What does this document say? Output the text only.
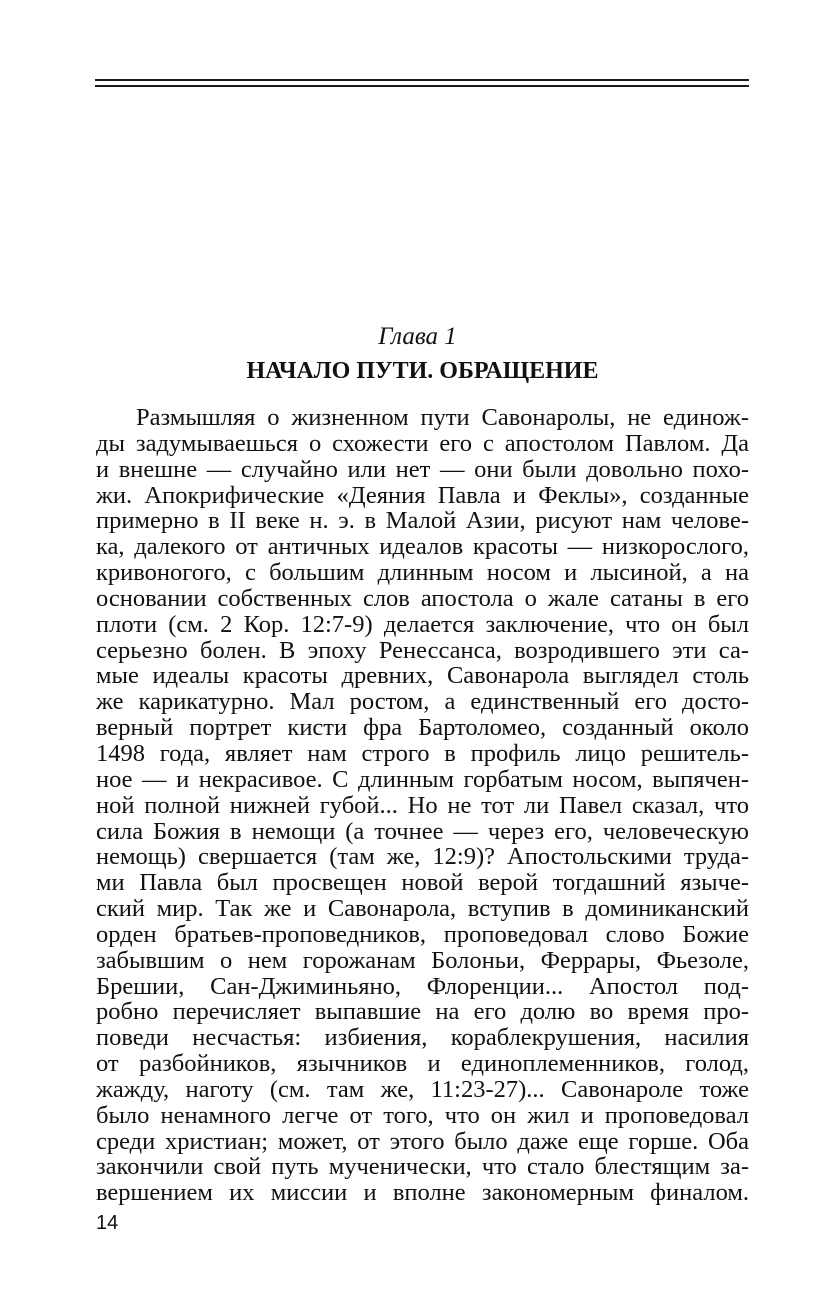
Глава 1
НАЧАЛО ПУТИ. ОБРАЩЕНИЕ
Размышляя о жизненном пути Савонаролы, не единож-
ды задумываешься о схожести его с апостолом Павлом. Да
и внешне — случайно или нет — они были довольно похо-
жи. Апокрифические «Деяния Павла и Феклы», созданные
примерно в II веке н. э. в Малой Азии, рисуют нам челове-
ка, далекого от античных идеалов красоты — низкорослого,
кривоногого, с большим длинным носом и лысиной, а на
основании собственных слов апостола о жале сатаны в его
плоти (см. 2 Кор. 12:7-9) делается заключение, что он был
серьезно болен. В эпоху Ренессанса, возродившего эти са-
мые идеалы красоты древних, Савонарола выглядел столь
же карикатурно. Мал ростом, а единственный его досто-
верный портрет кисти фра Бартоломео, созданный около
1498 года, являет нам строго в профиль лицо решитель-
ное — и некрасивое. С длинным горбатым носом, выпячен-
ной полной нижней губой... Но не тот ли Павел сказал, что
сила Божия в немощи (а точнее — через его, человеческую
немощь) свершается (там же, 12:9)? Апостольскими труда-
ми Павла был просвещен новой верой тогдашний языче-
ский мир. Так же и Савонарола, вступив в доминиканский
орден братьев-проповедников, проповедовал слово Божие
забывшим о нем горожанам Болоньи, Феррары, Фьезоле,
Брешии, Сан-Джиминьяно, Флоренции... Апостол под-
робно перечисляет выпавшие на его долю во время про-
поведи несчастья: избиения, кораблекрушения, насилия
от разбойников, язычников и единоплеменников, голод,
жажду, наготу (см. там же, 11:23-27)... Савонароле тоже
было ненамного легче от того, что он жил и проповедовал
среди христиан; может, от этого было даже еще горше. Оба
закончили свой путь мученически, что стало блестящим за-
вершением их миссии и вполне закономерным финалом.
14
